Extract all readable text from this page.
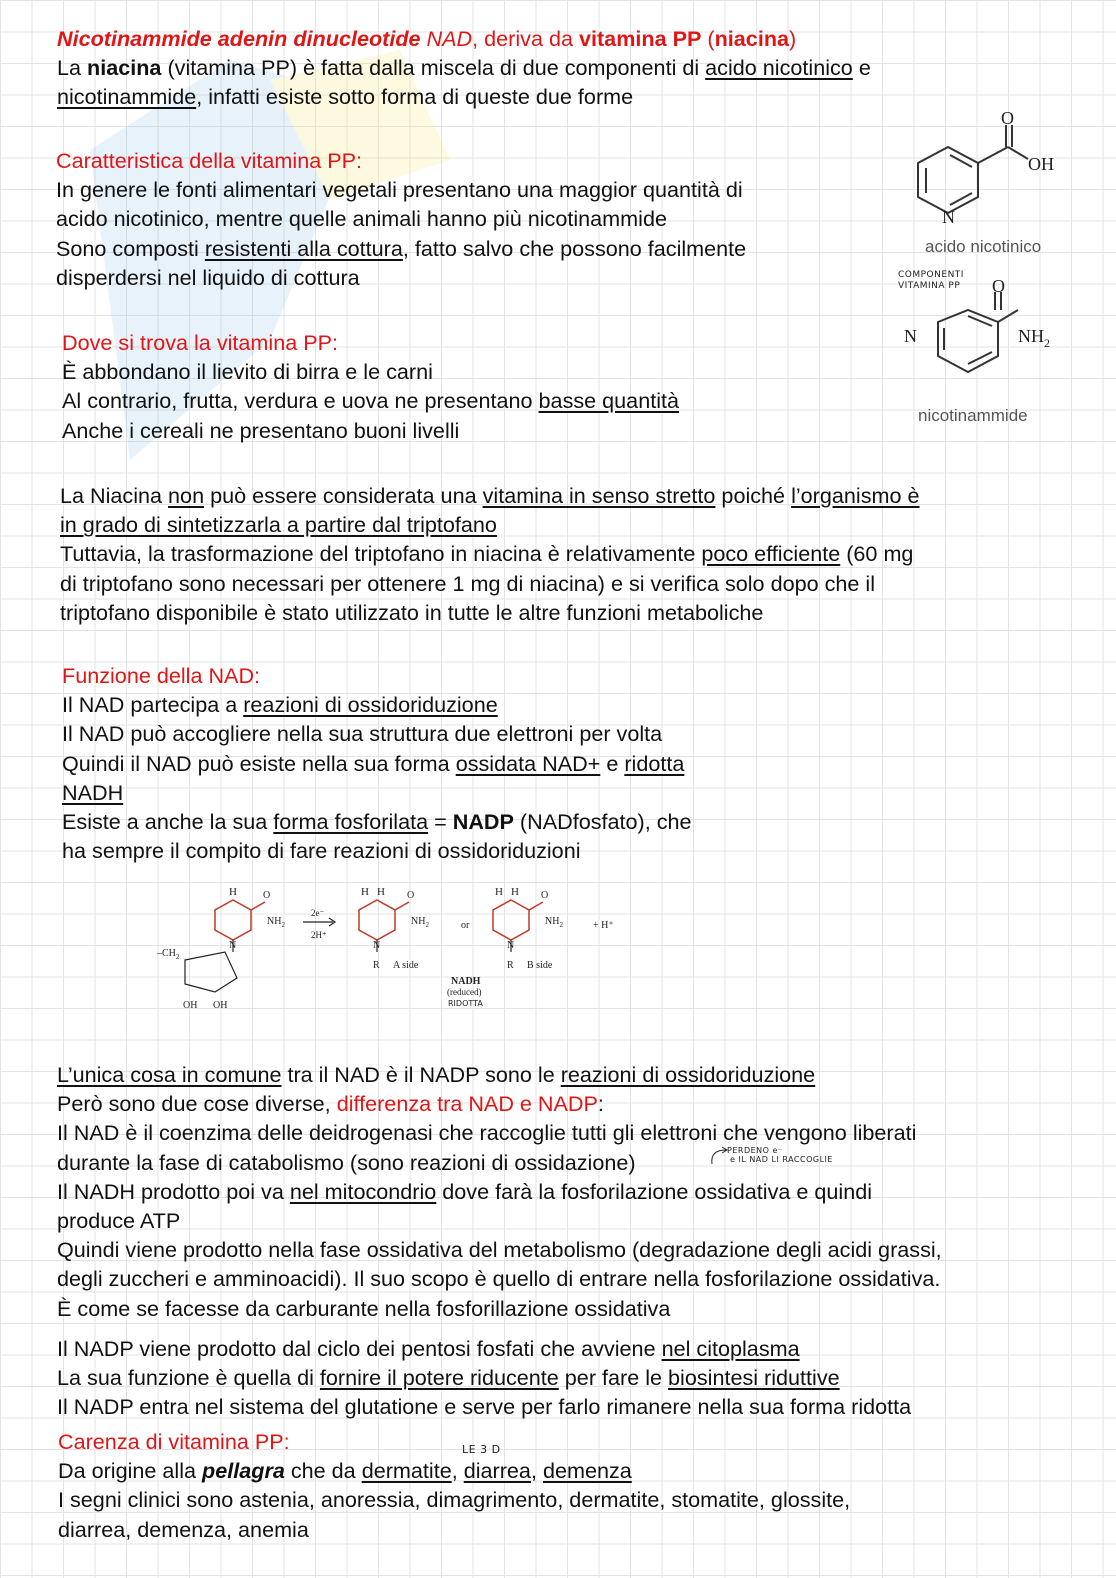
Nicotinammide adenin dinucleotide NAD, deriva da vitamina PP (niacina)
La niacina (vitamina PP) è fatta dalla miscela di due componenti di acido nicotinico e
nicotinammide, infatti esiste sotto forma di queste due forme
Caratteristica della vitamina PP:
In genere le fonti alimentari vegetali presentano una maggior quantità di
acido nicotinico, mentre quelle animali hanno più nicotinammide
Sono composti resistenti alla cottura, fatto salvo che possono facilmente
disperdersi nel liquido di cottura
Dove si trova la vitamina PP:
È abbondano il lievito di birra e le carni
Al contrario, frutta, verdura e uova ne presentano basse quantità
Anche i cereali ne presentano buoni livelli
La Niacina non può essere considerata una vitamina in senso stretto poiché l’organismo è
in grado di sintetizzarla a partire dal triptofano
Tuttavia, la trasformazione del triptofano in niacina è relativamente poco efficiente (60 mg
di triptofano sono necessari per ottenere 1 mg di niacina) e si verifica solo dopo che il
triptofano disponibile è stato utilizzato in tutte le altre funzioni metaboliche
Funzione della NAD:
Il NAD partecipa a reazioni di ossidoriduzione
Il NAD può accogliere nella sua struttura due elettroni per volta
Quindi il NAD può esiste nella sua forma ossidata NAD+ e ridotta
NADH
Esiste a anche la sua forma fosforilata = NADP (NADfosfato), che
ha sempre il compito di fare reazioni di ossidoriduzioni
L’unica cosa in comune tra il NAD è il NADP sono le reazioni di ossidoriduzione
Però sono due cose diverse, differenza tra NAD e NADP:
Il NAD è il coenzima delle deidrogenasi che raccoglie tutti gli elettroni che vengono liberati
durante la fase di catabolismo (sono reazioni di ossidazione)
Il NADH prodotto poi va nel mitocondrio dove farà la fosforilazione ossidativa e quindi
produce ATP
Quindi viene prodotto nella fase ossidativa del metabolismo (degradazione degli acidi grassi,
degli zuccheri e amminoacidi). Il suo scopo è quello di entrare nella fosforilazione ossidativa.
È come se facesse da carburante nella fosforillazione ossidativa
Il NADP viene prodotto dal ciclo dei pentosi fosfati che avviene nel citoplasma
La sua funzione è quella di fornire il potere riducente per fare le biosintesi riduttive
Il NADP entra nel sistema del glutatione e serve per farlo rimanere nella sua forma ridotta
Carenza di vitamina PP:
Da origine alla pellagra che da dermatite, diarrea, demenza
I segni clinici sono astenia, anoressia, dimagrimento, dermatite, stomatite, glossite,
diarrea, demenza, anemia
COMPONENTI
VITAMINA PP
PERDENO e⁻
e IL NAD LI RACCOGLIE
LE 3 D
O
OH
N
acido nicotinico
O
N	$NH_2$
nicotinammide
H	H H	H H
O	O	O
$NH_2$	$NH_2$	$NH_2$
N	N	N
2e⁻
2H⁺
or	+ H⁺
R A side	R B side
$-CH_2$
OH OH
NADH
(reduced)
RIDOTTA
